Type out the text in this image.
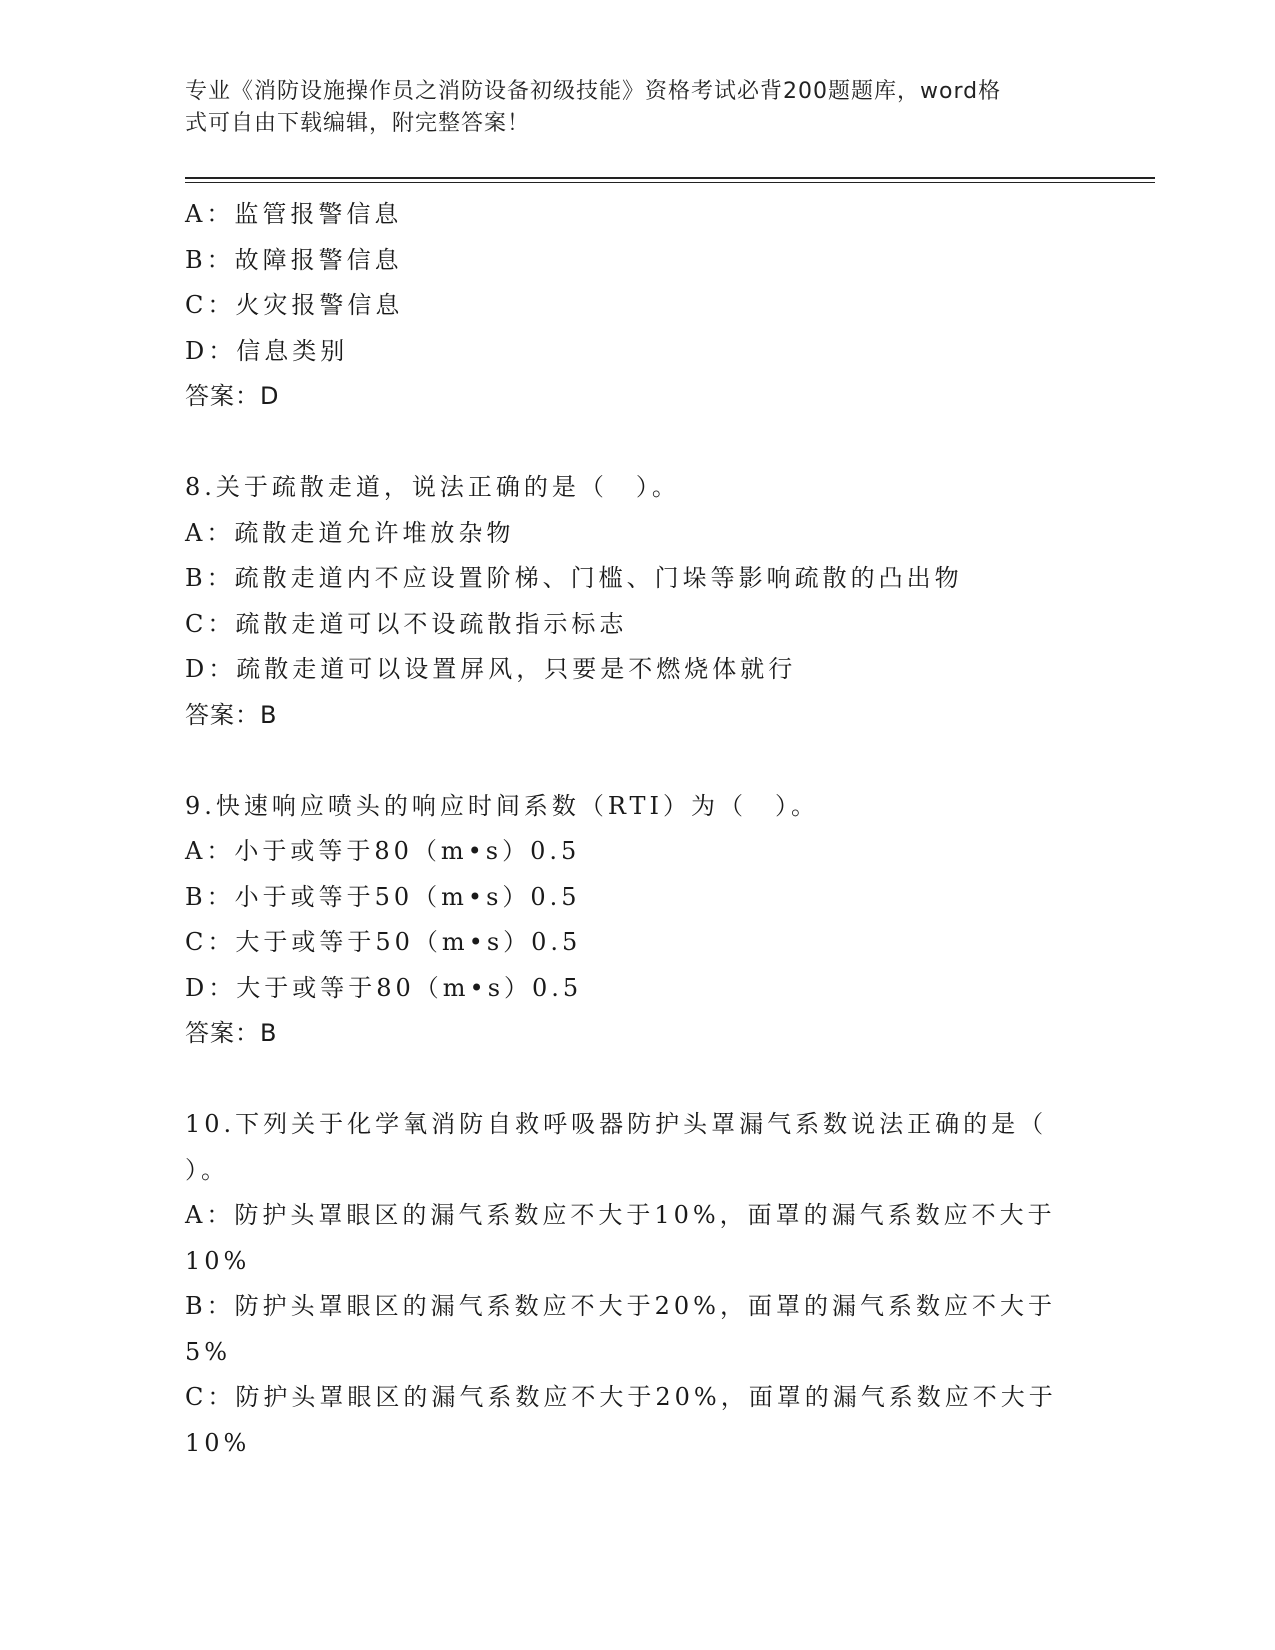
专业《消防设施操作员之消防设备初级技能》资格考试必背200题题库，word格
式可自由下载编辑，附完整答案！
A：监管报警信息
B：故障报警信息
C：火灾报警信息
D：信息类别
答案：D
8.关于疏散走道，说法正确的是（　）。
A：疏散走道允许堆放杂物
B：疏散走道内不应设置阶梯、门槛、门垛等影响疏散的凸出物
C：疏散走道可以不设疏散指示标志
D：疏散走道可以设置屏风，只要是不燃烧体就行
答案：B
9.快速响应喷头的响应时间系数（RTI）为（　）。
A：小于或等于80（m•s）0.5
B：小于或等于50（m•s）0.5
C：大于或等于50（m•s）0.5
D：大于或等于80（m•s）0.5
答案：B
10.下列关于化学氧消防自救呼吸器防护头罩漏气系数说法正确的是（
）。
A：防护头罩眼区的漏气系数应不大于10%，面罩的漏气系数应不大于
10%
B：防护头罩眼区的漏气系数应不大于20%，面罩的漏气系数应不大于
5%
C：防护头罩眼区的漏气系数应不大于20%，面罩的漏气系数应不大于
10%
